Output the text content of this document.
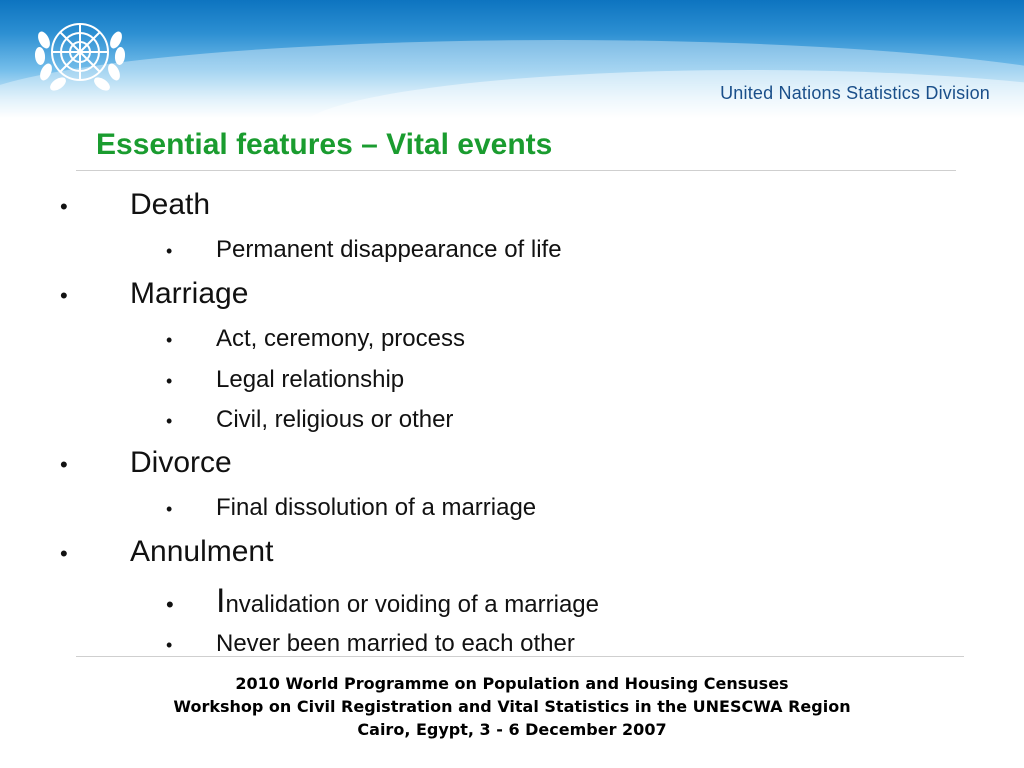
United Nations Statistics Division
Essential features – Vital events
•	Death
•	Permanent disappearance of life
•	Marriage
•	Act, ceremony, process
•	Legal relationship
•	Civil, religious or other
•	Divorce
•	Final dissolution of a marriage
•	Annulment
•	Invalidation or voiding of a marriage
•	Never been married to each other
2010 World Programme on Population and Housing Censuses
Workshop on Civil Registration and Vital Statistics in the UNESCWA Region
Cairo, Egypt, 3 - 6 December 2007
